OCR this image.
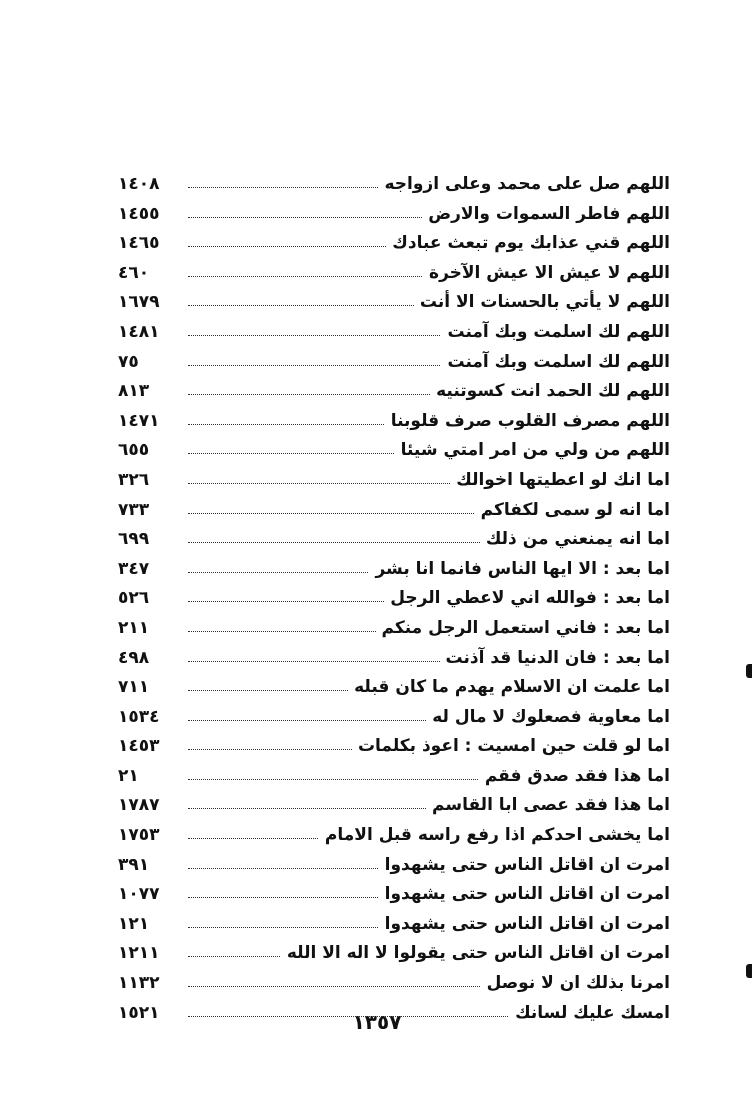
اللهم صل على محمد وعلى ازواجه
١٤٠٨
اللهم فاطر السموات والارض
١٤٥٥
اللهم قني عذابك يوم تبعث عبادك
١٤٦٥
اللهم لا عيش الا عيش الآخرة
٤٦٠
اللهم لا يأتي بالحسنات الا أنت
١٦٧٩
اللهم لك اسلمت وبك آمنت
١٤٨١
اللهم لك اسلمت وبك آمنت
٧٥
اللهم لك الحمد انت كسوتنيه
٨١٣
اللهم مصرف القلوب صرف قلوبنا
١٤٧١
اللهم من ولي من امر امتي شيئا
٦٥٥
اما انك لو اعطيتها اخوالك
٣٢٦
اما انه لو سمى لكفاكم
٧٣٣
اما انه يمنعني من ذلك
٦٩٩
اما بعد : الا ايها الناس فانما انا بشر
٣٤٧
اما بعد : فوالله اني لاعطي الرجل
٥٢٦
اما بعد : فاني استعمل الرجل منكم
٢١١
اما بعد : فان الدنيا قد آذنت
٤٩٨
اما علمت ان الاسلام يهدم ما كان قبله
٧١١
اما معاوية فصعلوك لا مال له
١٥٣٤
اما لو قلت حين امسيت : اعوذ بكلمات
١٤٥٣
اما هذا فقد صدق فقم
٢١
اما هذا فقد عصى ابا القاسم
١٧٨٧
اما يخشى احدكم اذا رفع راسه قبل الامام
١٧٥٣
امرت ان اقاتل الناس حتى يشهدوا
٣٩١
امرت ان اقاتل الناس حتى يشهدوا
١٠٧٧
امرت ان اقاتل الناس حتى يشهدوا
١٢١
امرت ان اقاتل الناس حتى يقولوا لا اله الا الله
١٢١١
امرنا بذلك ان لا نوصل
١١٣٢
امسك عليك لسانك
١٥٢١	١٣٥٧
